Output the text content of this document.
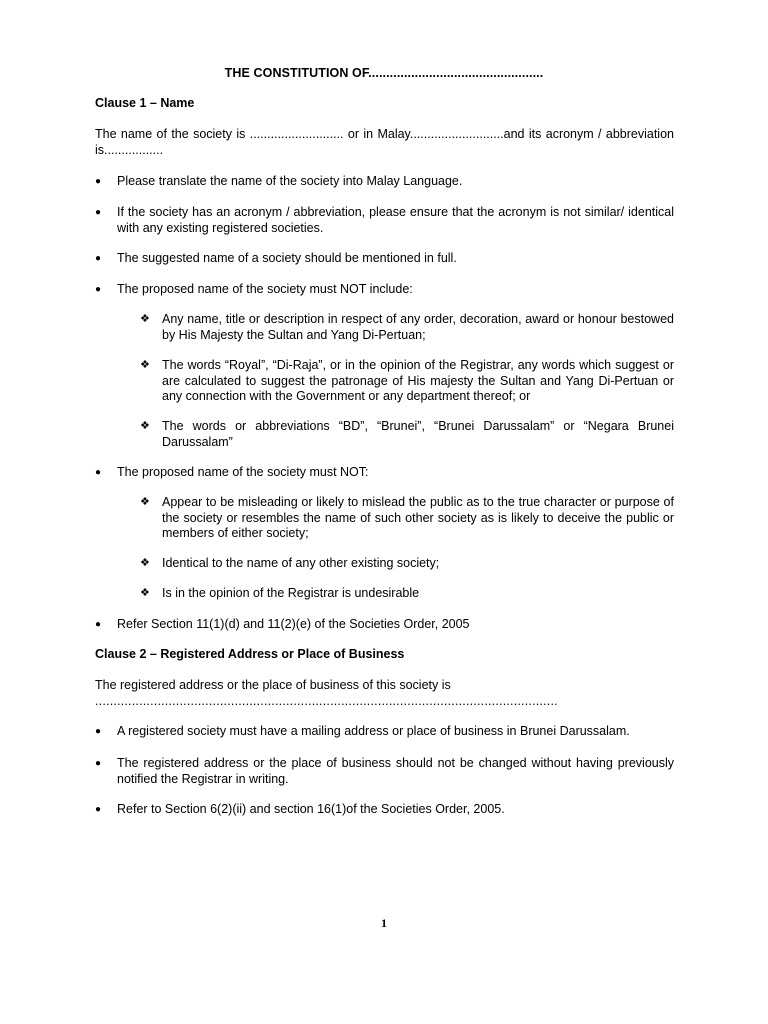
THE CONSTITUTION OF.................................................
Clause 1 – Name
The name of the society is ........................... or in Malay...........................and its acronym / abbreviation is.................
●	Please translate the name of the society into Malay Language.
●	If the society has an acronym / abbreviation, please ensure that the acronym is not similar/ identical with any existing registered societies.
●	The suggested name of a society should be mentioned in full.
●	The proposed name of the society must NOT include:
❖ Any name, title or description in respect of any order, decoration, award or honour bestowed by His Majesty the Sultan and Yang Di-Pertuan;
❖ The words “Royal”, “Di-Raja”, or in the opinion of the Registrar, any words which suggest or are calculated to suggest the patronage of His majesty the Sultan and Yang Di-Pertuan or any connection with the Government or any department thereof; or
❖ The words or abbreviations “BD”, “Brunei”, “Brunei Darussalam” or “Negara Brunei Darussalam”
●	The proposed name of the society must NOT:
❖ Appear to be misleading or likely to mislead the public as to the true character or purpose of the society or resembles the name of such other society as is likely to deceive the public or members of either society;
❖ Identical to the name of any other existing society;
❖ Is in the opinion of the Registrar is undesirable
●	Refer Section 11(1)(d) and 11(2)(e) of the Societies Order, 2005
Clause 2 – Registered Address or Place of Business
The registered address or the place of business of this society is
..............................................................................................................................
●	A registered society must have a mailing address or place of business in Brunei Darussalam.
●	The registered address or the place of business should not be changed without having previously notified the Registrar in writing.
●	Refer to Section 6(2)(ii) and section 16(1)of the Societies Order, 2005.
1
